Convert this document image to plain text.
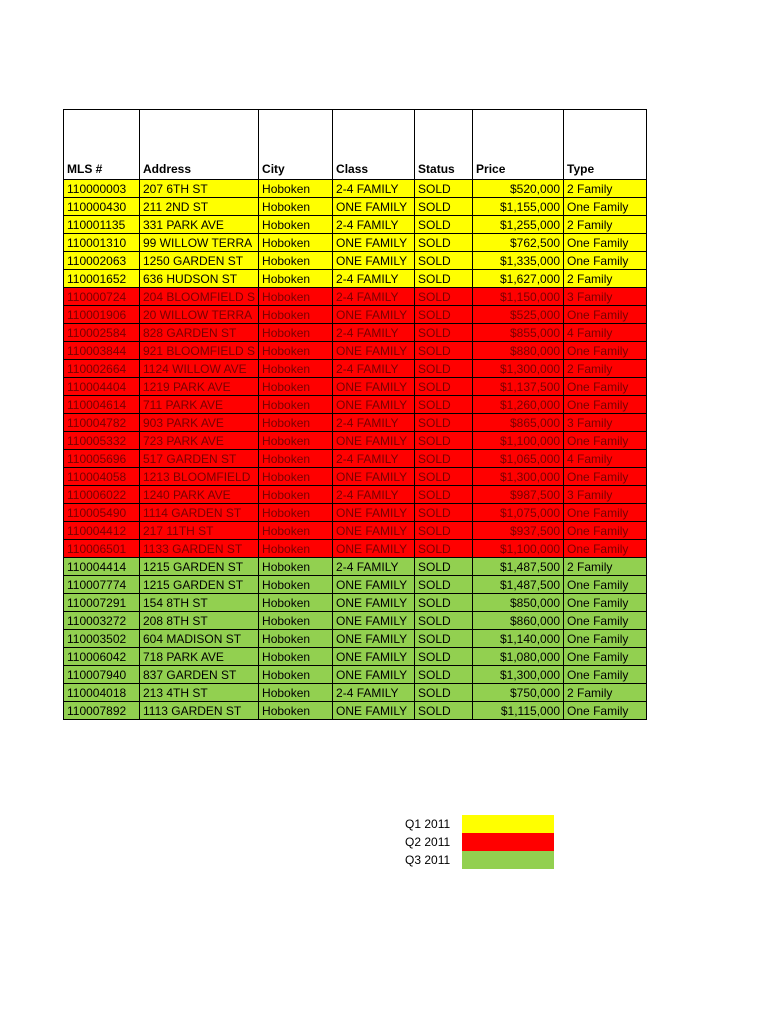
MLS #	Address	City	Class	Status	Price	Type
110000003	207 6TH ST	Hoboken	2-4 FAMILY	SOLD	$520,000	2 Family
110000430	211 2ND ST	Hoboken	ONE FAMILY	SOLD	$1,155,000	One Family
110001135	331 PARK AVE	Hoboken	2-4 FAMILY	SOLD	$1,255,000	2 Family
110001310	99 WILLOW TERRA	Hoboken	ONE FAMILY	SOLD	$762,500	One Family
110002063	1250 GARDEN ST	Hoboken	ONE FAMILY	SOLD	$1,335,000	One Family
110001652	636 HUDSON ST	Hoboken	2-4 FAMILY	SOLD	$1,627,000	2 Family
110000724	204 BLOOMFIELD S	Hoboken	2-4 FAMILY	SOLD	$1,150,000	3 Family
110001906	20 WILLOW TERRA	Hoboken	ONE FAMILY	SOLD	$525,000	One Family
110002584	828 GARDEN ST	Hoboken	2-4 FAMILY	SOLD	$855,000	4 Family
110003844	921 BLOOMFIELD S	Hoboken	ONE FAMILY	SOLD	$880,000	One Family
110002664	1124 WILLOW AVE	Hoboken	2-4 FAMILY	SOLD	$1,300,000	2 Family
110004404	1219 PARK AVE	Hoboken	ONE FAMILY	SOLD	$1,137,500	One Family
110004614	711 PARK AVE	Hoboken	ONE FAMILY	SOLD	$1,260,000	One Family
110004782	903 PARK AVE	Hoboken	2-4 FAMILY	SOLD	$865,000	3 Family
110005332	723 PARK AVE	Hoboken	ONE FAMILY	SOLD	$1,100,000	One Family
110005696	517 GARDEN ST	Hoboken	2-4 FAMILY	SOLD	$1,065,000	4 Family
110004058	1213 BLOOMFIELD	Hoboken	ONE FAMILY	SOLD	$1,300,000	One Family
110006022	1240 PARK AVE	Hoboken	2-4 FAMILY	SOLD	$987,500	3 Family
110005490	1114 GARDEN ST	Hoboken	ONE FAMILY	SOLD	$1,075,000	One Family
110004412	217 11TH ST	Hoboken	ONE FAMILY	SOLD	$937,500	One Family
110006501	1133 GARDEN ST	Hoboken	ONE FAMILY	SOLD	$1,100,000	One Family
110004414	1215 GARDEN ST	Hoboken	2-4 FAMILY	SOLD	$1,487,500	2 Family
110007774	1215 GARDEN ST	Hoboken	ONE FAMILY	SOLD	$1,487,500	One Family
110007291	154 8TH ST	Hoboken	ONE FAMILY	SOLD	$850,000	One Family
110003272	208 8TH ST	Hoboken	ONE FAMILY	SOLD	$860,000	One Family
110003502	604 MADISON ST	Hoboken	ONE FAMILY	SOLD	$1,140,000	One Family
110006042	718 PARK AVE	Hoboken	ONE FAMILY	SOLD	$1,080,000	One Family
110007940	837 GARDEN ST	Hoboken	ONE FAMILY	SOLD	$1,300,000	One Family
110004018	213 4TH ST	Hoboken	2-4 FAMILY	SOLD	$750,000	2 Family
110007892	1113 GARDEN ST	Hoboken	ONE FAMILY	SOLD	$1,115,000	One Family
Q1 2011	
Q2 2011	
Q3 2011	
